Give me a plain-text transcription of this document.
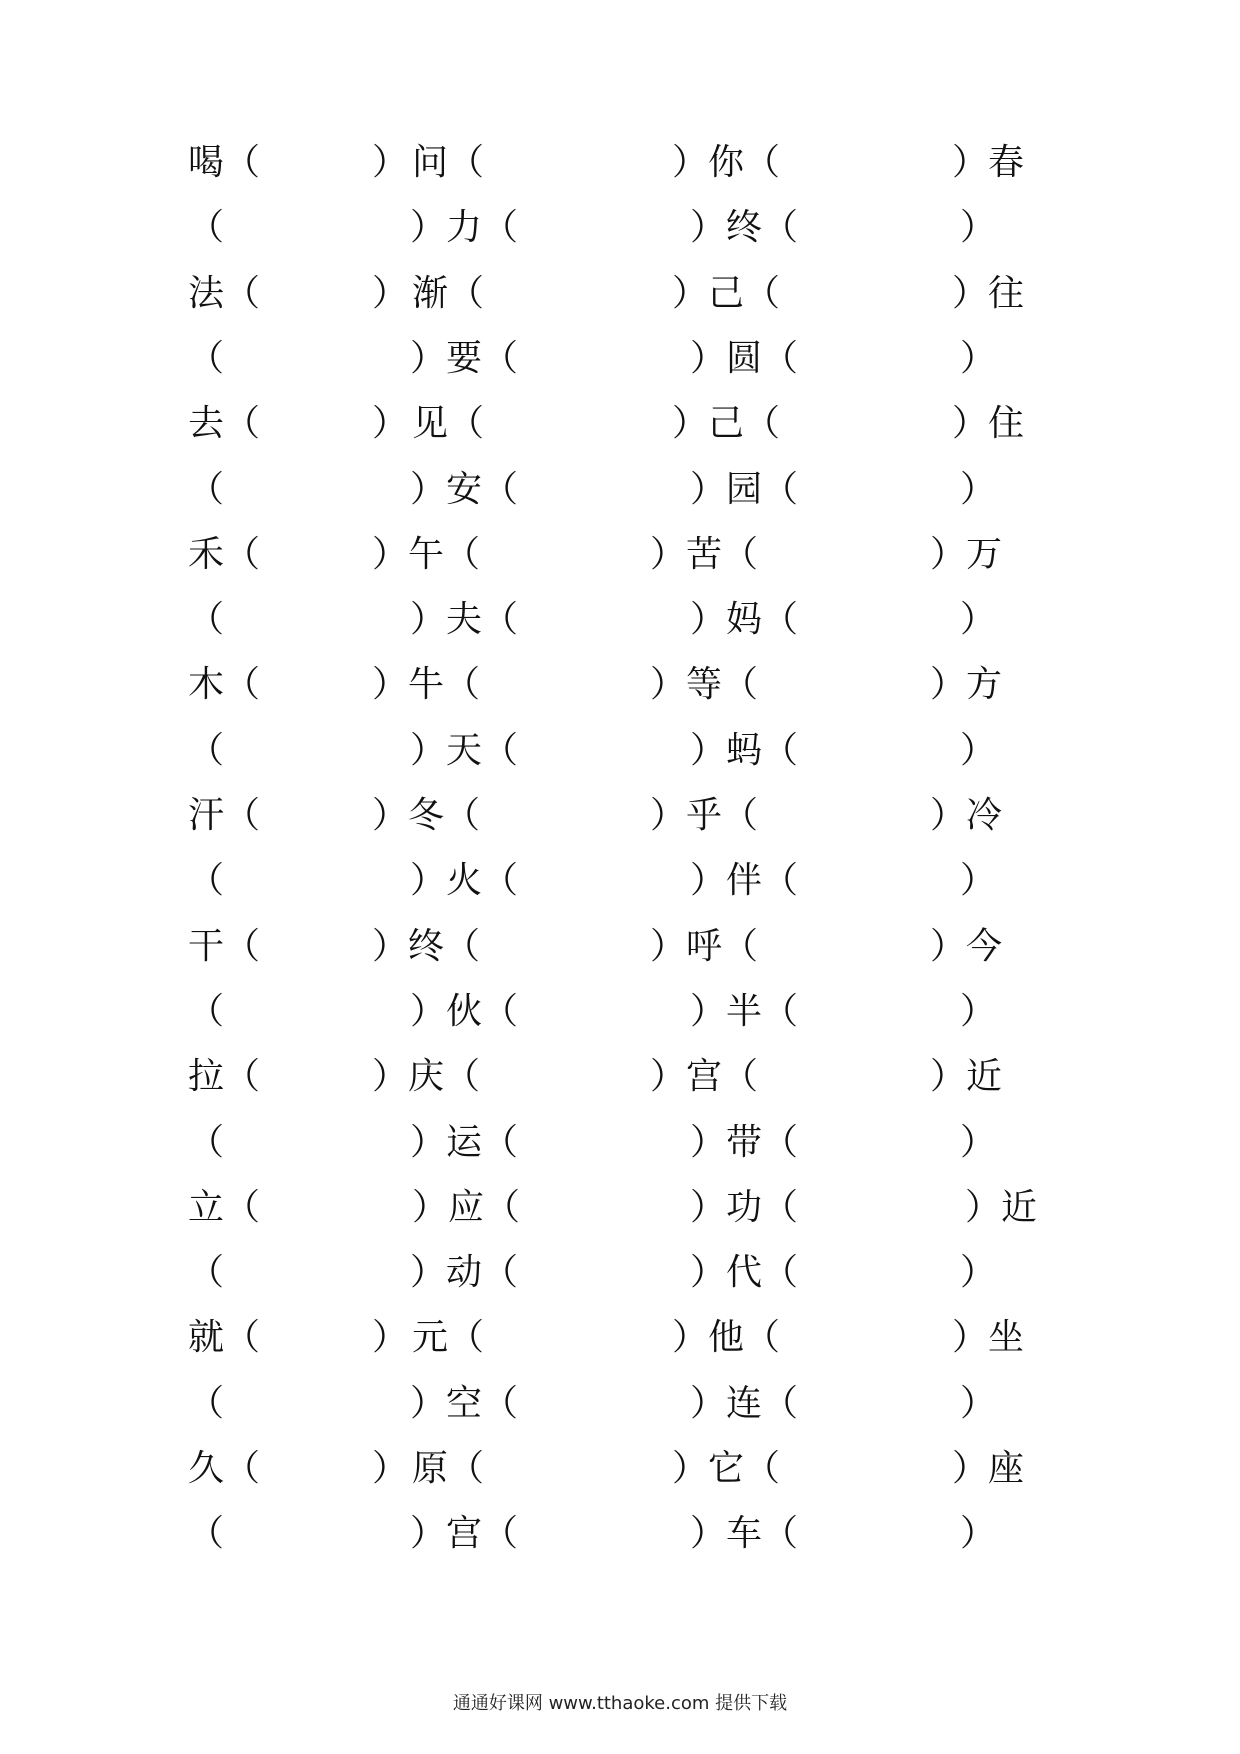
喝（	） 问（	）你（	）春
（	）力（	）终（	）
法（	） 渐（	）己（	）往
（	）要（	）圆（	）
去（	） 见（	）己（	）住
（	）安（	）园（	）
禾（	）午（	）苦（	）万
（	）夫（	）妈（	）
木（	）牛（	）等（	）方
（	）天（	）蚂（	）
汗（	）冬（	）乎（	）冷
（	）火（	）伴（	）
干（	）终（	）呼（	）今
（	）伙（	）半（	）
拉（	）庆（	）宫（	）近
（	）运（	）带（	）
立（	）应（	）功（	）近
（	）动（	）代（	）
就（	） 元（	）他（	）坐
（	）空（	）连（	）
久（	） 原（	）它（	）座
（	）宫（	）车（	）
通通好课网 www.tthaoke.com 提供下载
